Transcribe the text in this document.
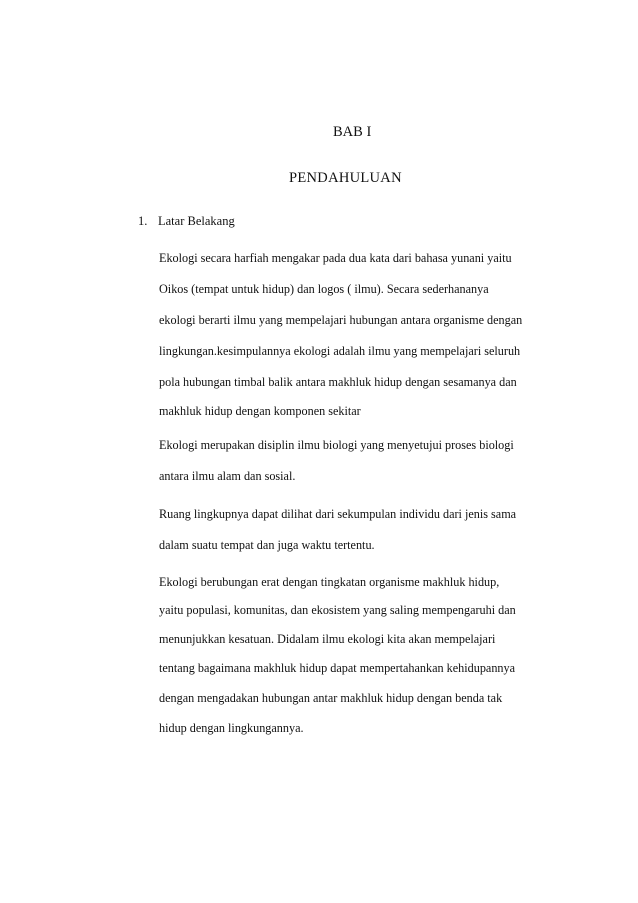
BAB I
PENDAHULUAN
1. Latar Belakang
Ekologi secara harfiah mengakar pada dua kata dari bahasa yunani yaitu
Oikos (tempat untuk hidup) dan logos ( ilmu). Secara sederhananya
ekologi berarti ilmu yang mempelajari hubungan antara organisme dengan
lingkungan.kesimpulannya ekologi adalah ilmu yang mempelajari seluruh
pola hubungan timbal balik antara makhluk hidup dengan sesamanya dan
makhluk hidup dengan komponen sekitar
Ekologi merupakan disiplin ilmu biologi yang menyetujui proses biologi
antara ilmu alam dan sosial.
Ruang lingkupnya dapat dilihat dari sekumpulan individu dari jenis sama
dalam suatu tempat dan juga waktu tertentu.
Ekologi berubungan erat dengan tingkatan organisme makhluk hidup,
yaitu populasi, komunitas, dan ekosistem yang saling mempengaruhi dan
menunjukkan kesatuan. Didalam ilmu ekologi kita akan mempelajari
tentang bagaimana makhluk hidup dapat mempertahankan kehidupannya
dengan mengadakan hubungan antar makhluk hidup dengan benda tak
hidup dengan lingkungannya.
